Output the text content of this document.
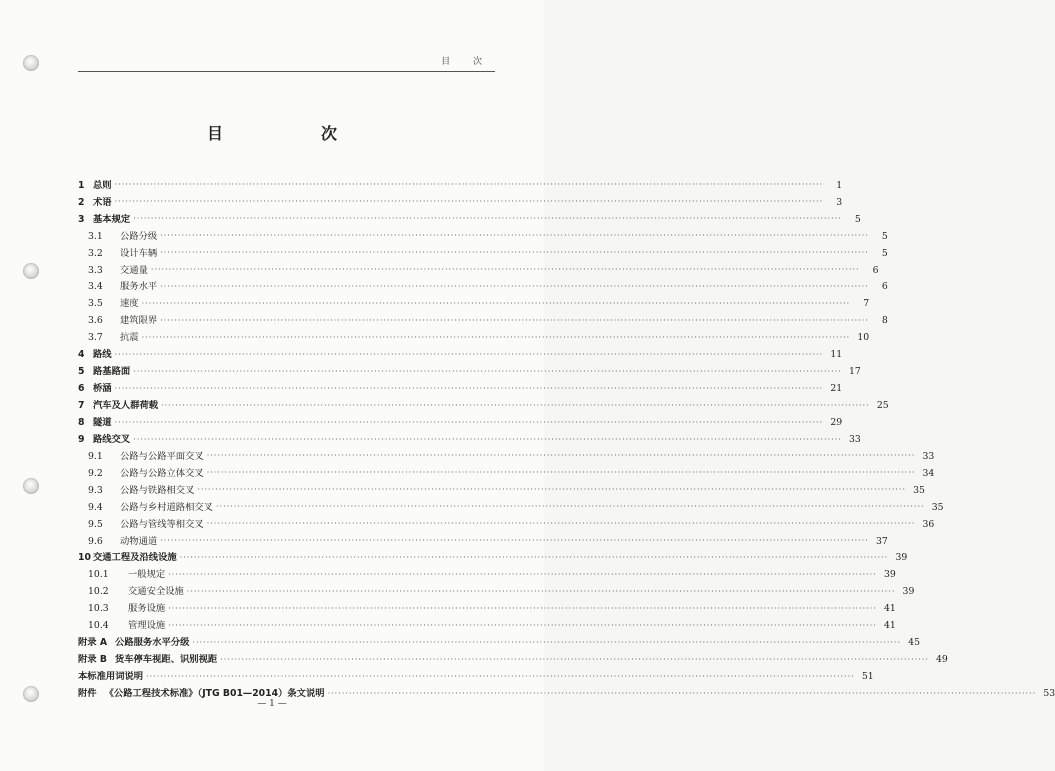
目 次
目　　次
1 总则 ········································································································································································································	1
2 术语 ········································································································································································································	3
3 基本规定 ········································································································································································································	5
3.1	公路分级 ········································································································································································································	5
3.2	设计车辆 ········································································································································································································	5
3.3	交通量 ········································································································································································································	6
3.4	服务水平 ········································································································································································································	6
3.5	速度 ········································································································································································································	7
3.6	建筑限界 ········································································································································································································	8
3.7	抗震 ········································································································································································································ 10
4 路线 ········································································································································································································ 11
5 路基路面 ········································································································································································································ 17
6 桥涵 ········································································································································································································ 21
7 汽车及人群荷载 ········································································································································································································ 25
8 隧道 ········································································································································································································ 29
9 路线交叉 ········································································································································································································ 33
9.1	公路与公路平面交叉 ········································································································································································································ 33
9.2	公路与公路立体交叉 ········································································································································································································ 34
9.3	公路与铁路相交叉 ········································································································································································································ 35
9.4	公路与乡村道路相交叉 ········································································································································································································ 35
9.5	公路与管线等相交叉 ········································································································································································································ 36
9.6	动物通道 ········································································································································································································ 37
10 交通工程及沿线设施 ········································································································································································································ 39
10.1	一般规定 ········································································································································································································ 39
10.2	交通安全设施 ········································································································································································································ 39
10.3	服务设施 ········································································································································································································ 41
10.4	管理设施 ········································································································································································································ 41
附录 A 公路服务水平分级 ········································································································································································································ 45
附录 B 货车停车视距、识别视距 ········································································································································································································ 49
本标准用词说明 ········································································································································································································ 51
附件 《公路工程技术标准》（JTG B01—2014）条文说明 ········································································································································································································ 53
— 1 —
